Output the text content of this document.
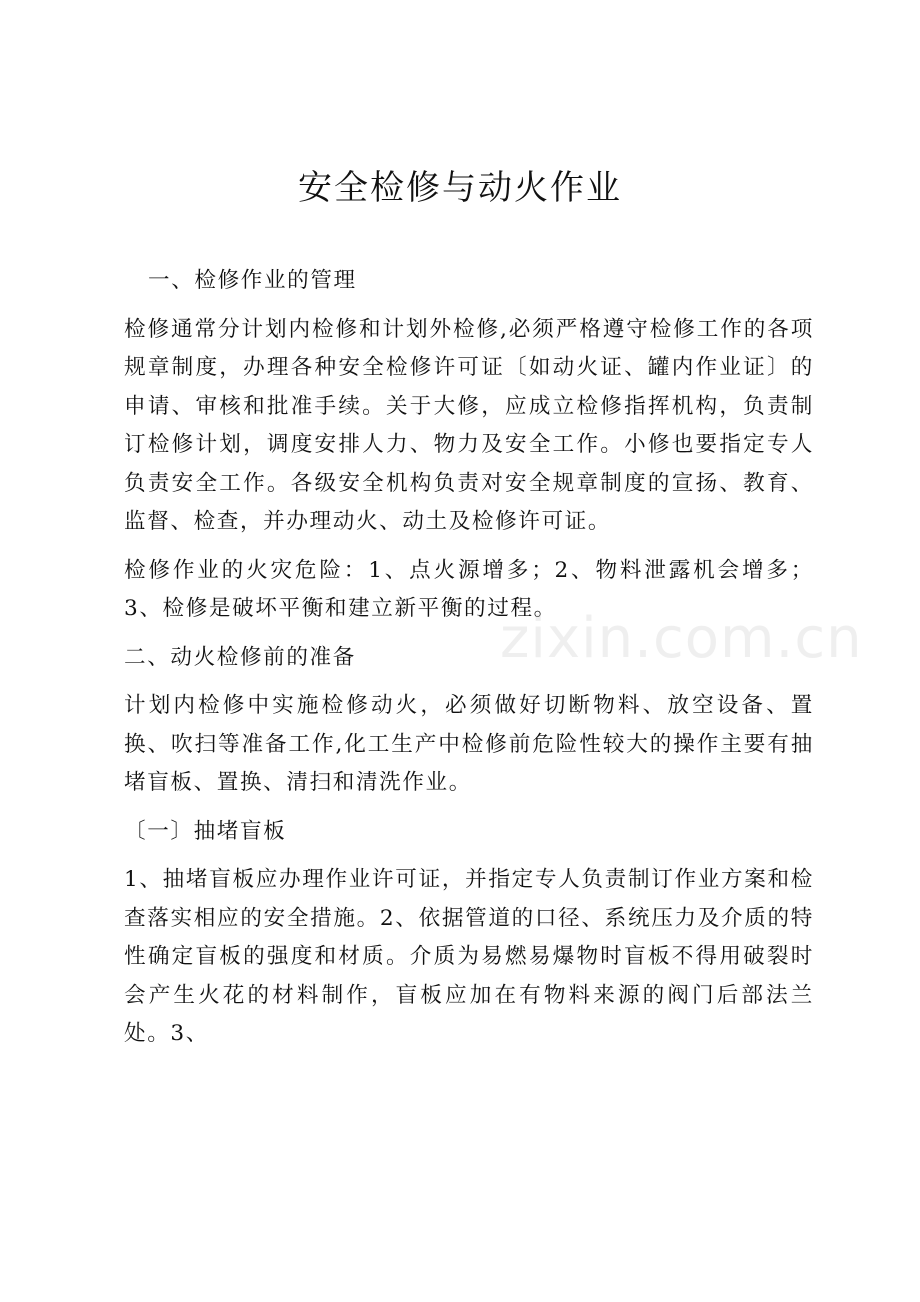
安全检修与动火作业

一、检修作业的管理

检修通常分计划内检修和计划外检修,必须严格遵守检修工作的各项规章制度，办理各种安全检修许可证〔如动火证、罐内作业证〕的申请、审核和批准手续。关于大修，应成立检修指挥机构，负责制订检修计划，调度安排人力、物力及安全工作。小修也要指定专人负责安全工作。各级安全机构负责对安全规章制度的宣扬、教育、监督、检查，并办理动火、动土及检修许可证。

检修作业的火灾危险：1、点火源增多；2、物料泄露机会增多；3、检修是破坏平衡和建立新平衡的过程。

二、动火检修前的准备

计划内检修中实施检修动火，必须做好切断物料、放空设备、置换、吹扫等准备工作,化工生产中检修前危险性较大的操作主要有抽堵盲板、置换、清扫和清洗作业。

〔一〕抽堵盲板

1、抽堵盲板应办理作业许可证，并指定专人负责制订作业方案和检查落实相应的安全措施。2、依据管道的口径、系统压力及介质的特性确定盲板的强度和材质。介质为易燃易爆物时盲板不得用破裂时会产生火花的材料制作，盲板应加在有物料来源的阀门后部法兰处。3、

zixin.com.cn
